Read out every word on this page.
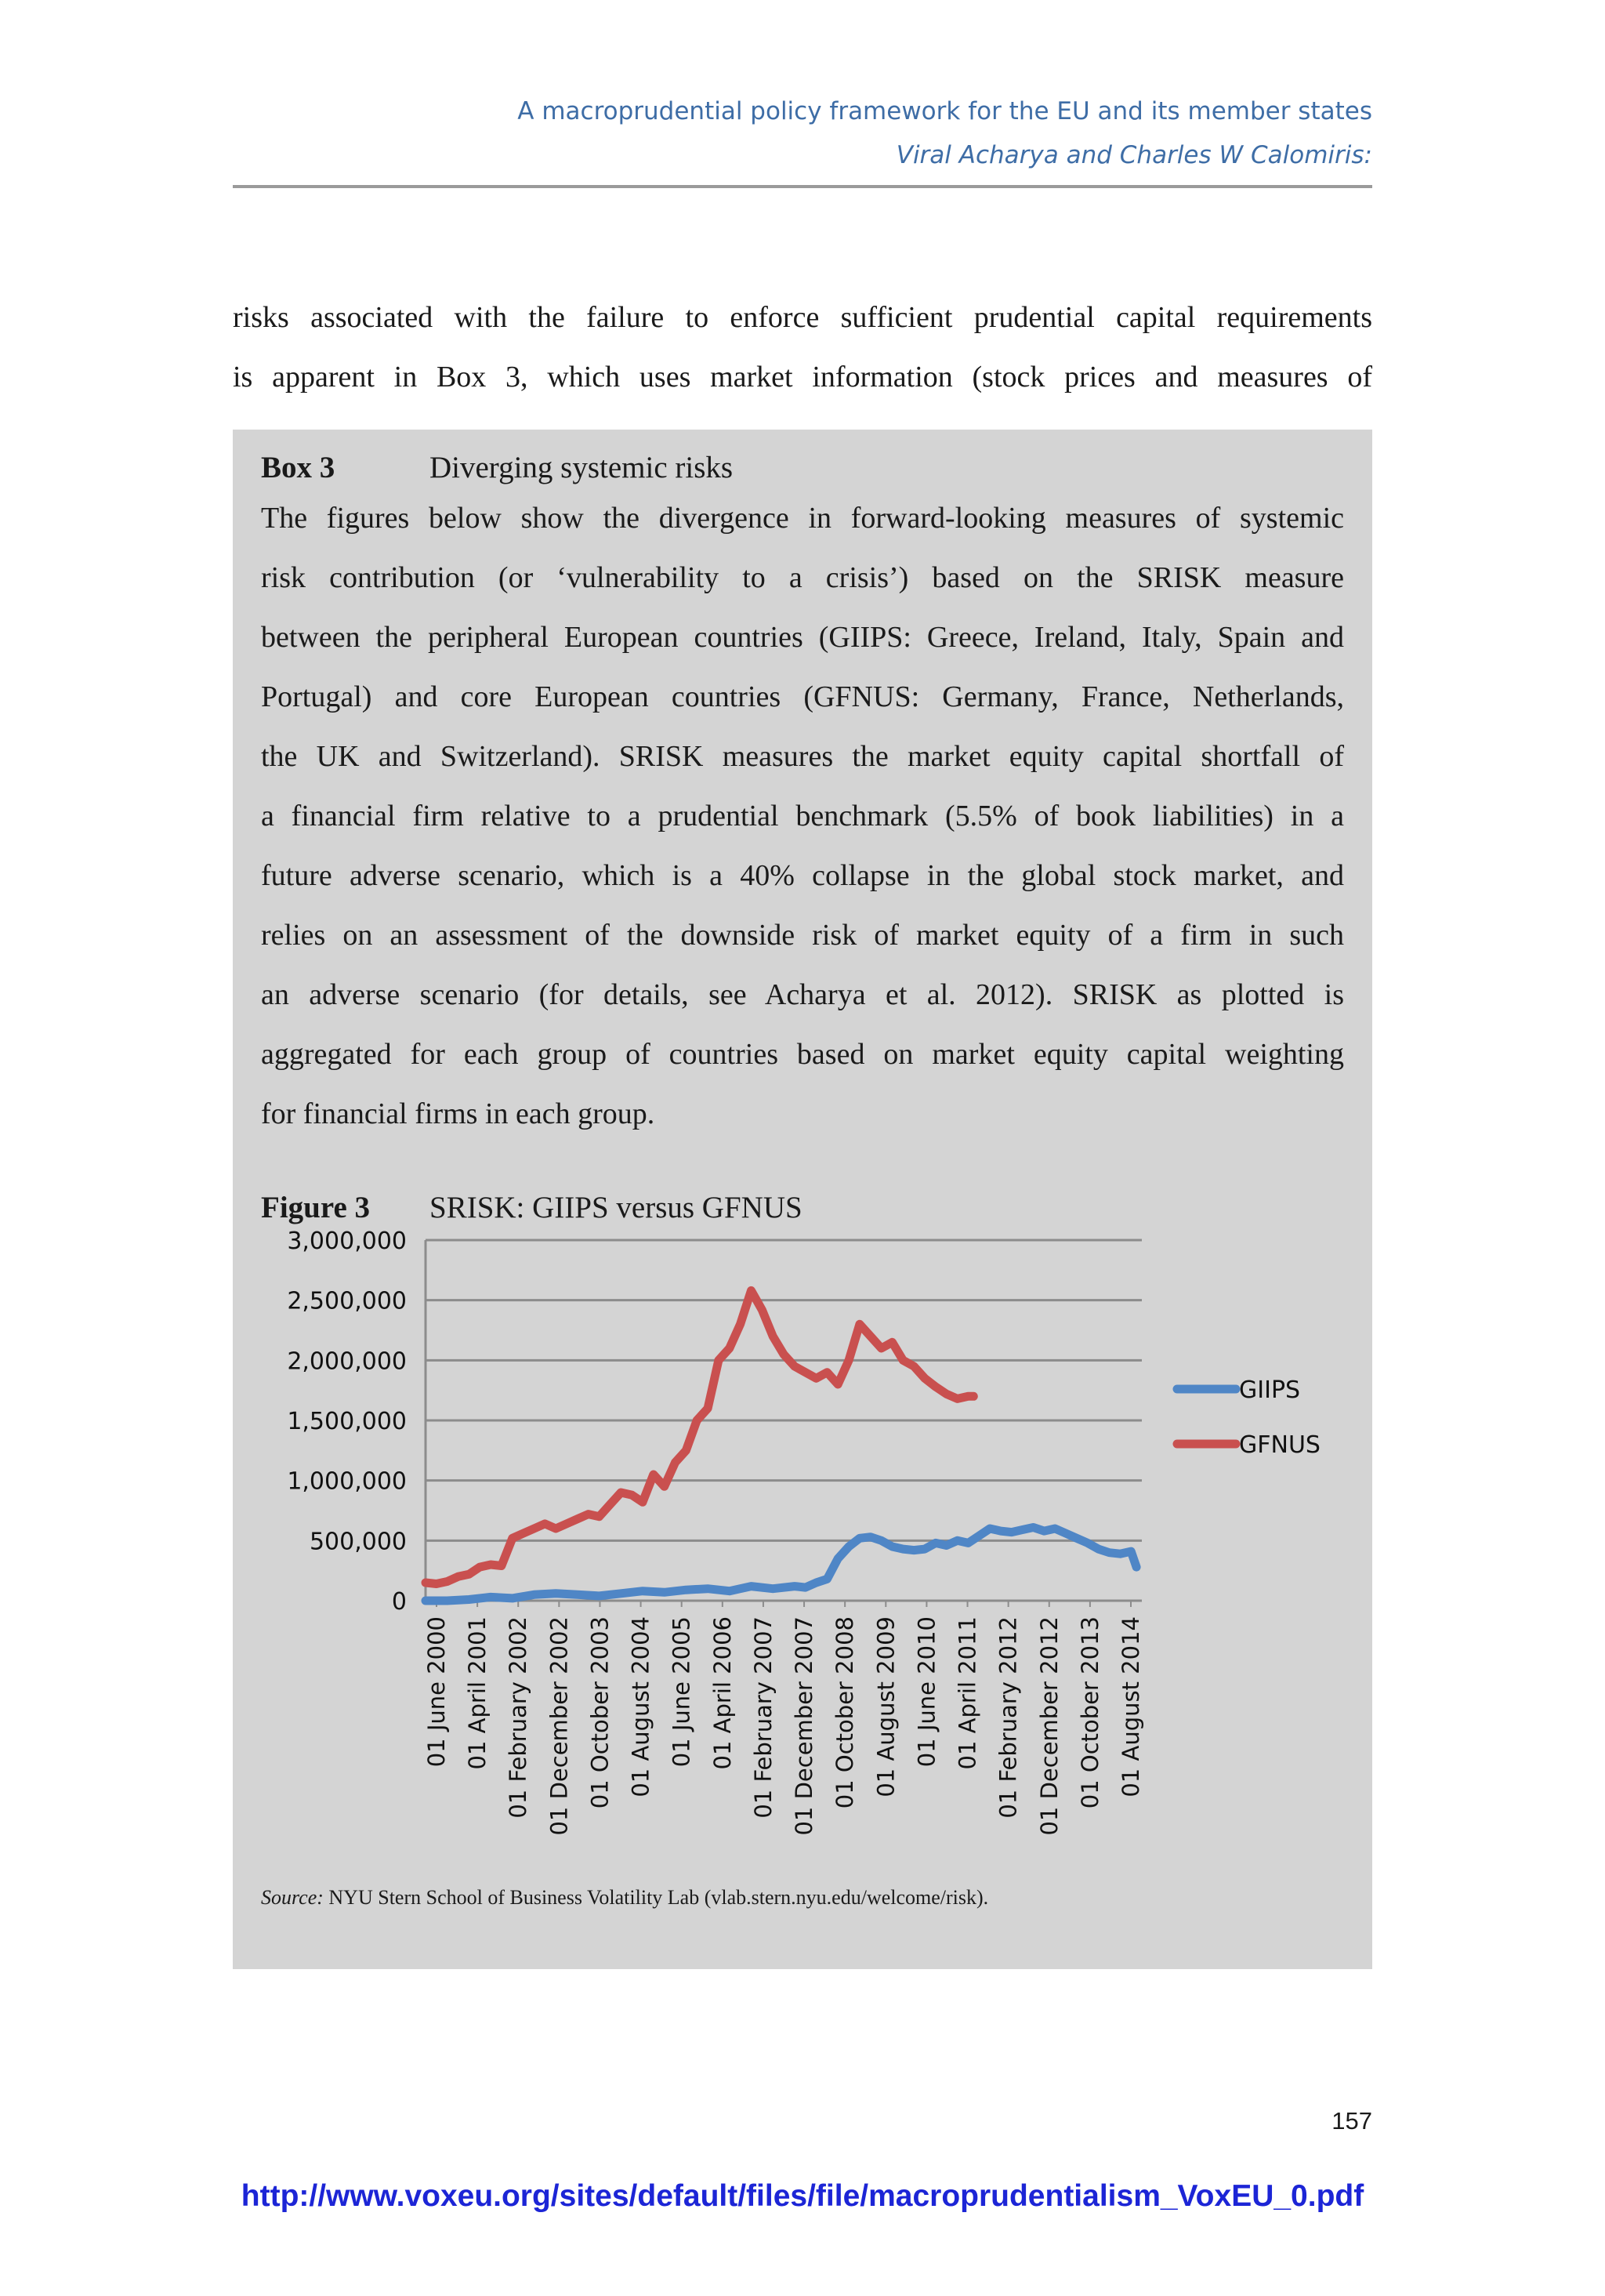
A macroprudential policy framework for the EU and its member states
Viral Acharya and Charles W Calomiris:
risks associated with the failure to enforce sufficient prudential capital requirements
is apparent in Box 3, which uses market information (stock prices and measures of
The figures below show the divergence in forward-looking measures of systemic
risk contribution (or ‘vulnerability to a crisis’) based on the SRISK measure
between the peripheral European countries (GIIPS: Greece, Ireland, Italy, Spain and
Portugal) and core European countries (GFNUS: Germany, France, Netherlands,
the UK and Switzerland). SRISK measures the market equity capital shortfall of
a financial firm relative to a prudential benchmark (5.5% of book liabilities) in a
future adverse scenario, which is a 40% collapse in the global stock market, and
relies on an assessment of the downside risk of market equity of a firm in such
an adverse scenario (for details, see Acharya et al. 2012). SRISK as plotted is
aggregated for each group of countries based on market equity capital weighting
for financial firms in each group.
Box 3	Diverging systemic risks
Figure 3 SRISK: GIIPS versus GFNUS
3,000,000
2,500,000
2,000,000
1,500,000
1,000,000
500,000
0
01 June 2000 01 April 2001 01 February 2002 01 December 2002 01 October 2003 01 August 2004 01 June 2005 01 April 2006 01 February 2007 01 December 2007 01 October 2008 01 August 2009 01 June 2010 01 April 2011 01 February 2012 01 December 2012 01 October 2013 01 August 2014
GIIPS
GFNUS
Source: NYU Stern School of Business Volatility Lab (vlab.stern.nyu.edu/welcome/risk).
157
http://www.voxeu.org/sites/default/files/file/macroprudentialism_VoxEU_0.pdf
